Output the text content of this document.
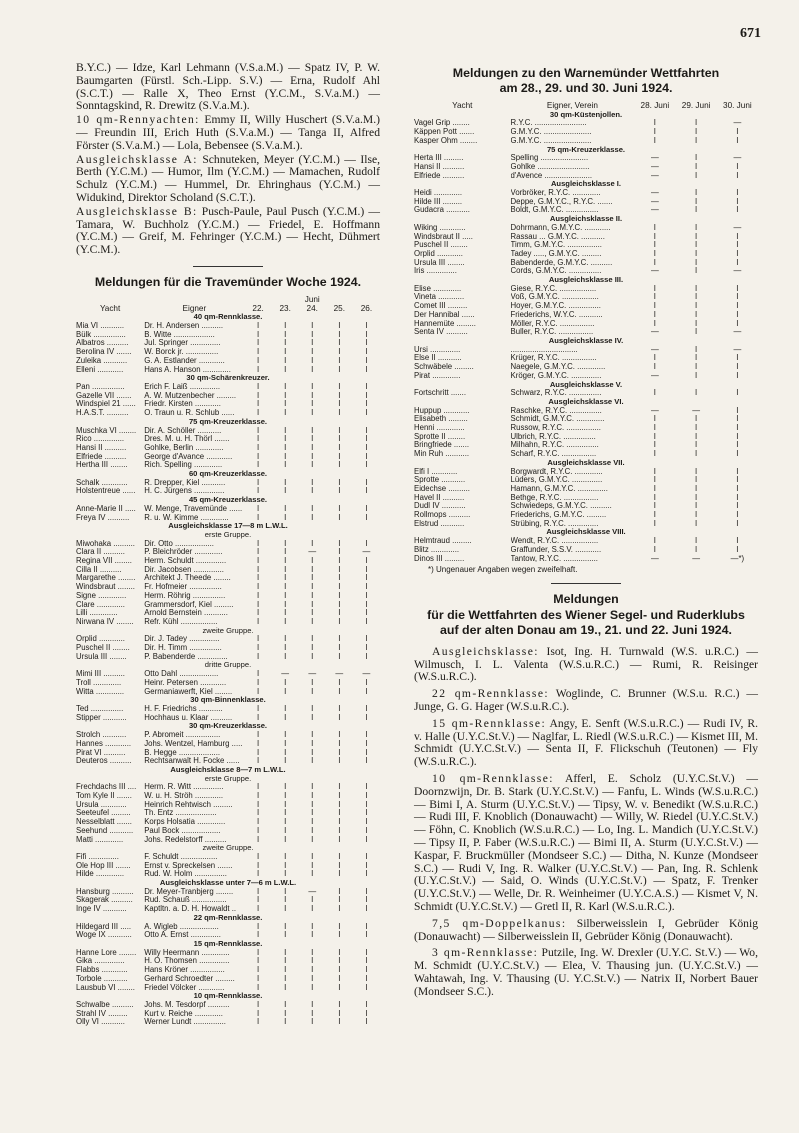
671

B.Y.C.) — Idze, Karl Lehmann (V.S.a.M.) — Spatz IV, P. W. Baumgarten (Fürstl. Sch.-Lipp. S.V.) — Erna, Rudolf Ahl (S.C.T.) — Ralle X, Theo Ernst (Y.C.M., S.V.a.M.) — Sonntagskind, R. Drewitz (S.V.a.M.).

10 qm-Rennyachten: Emmy II, Willy Huschert (S.V.a.M.) — Freundin III, Erich Huth (S.V.a.M.) — Tanga II, Alfred Förster (S.V.a.M.) — Lola, Bebensee (S.V.a.M.).

Ausgleichsklasse A: Schnuteken, Meyer (Y.C.M.) — Ilse, Berth (Y.C.M.) — Humor, Ilm (Y.C.M.) — Mamachen, Rudolf Schulz (Y.C.M.) — Hummel, Dr. Ehringhaus (Y.C.M.) — Widukind, Direktor Scholand (S.C.T.).

Ausgleichsklasse B: Pusch-Paule, Paul Pusch (Y.C.M.) — Tamara, W. Buchholz (Y.C.M.) — Friedel, E. Hoffmann (Y.C.M.) — Greif, M. Fehringer (Y.C.M.) — Hecht, Dühmert (Y.C.M.).

Meldungen für die Travemünder Woche 1924.
			Juni			
Yacht	Eigner	22.	23.	24.	25.	26.
40 qm-Rennklasse.						
Mia VI ...........	Dr. H. Andersen ..........	I	I	I	I	I
Bülk ...............	B. Witte ...................	I	I	I	I	I
Albatros ..........	Jul. Springer ..............	I	I	I	I	I
Berolina IV .......	W. Borck jr. ...............	I	I	I	I	I
Zuleika ...........	G. A. Estlander ............	I	I	I	I	I
Elleni ............	Hans A. Hanson .............	I	I	I	I	I
30 qm-Schärenkreuzer.						
Pan ...............	Erich F. Laiß ..............	I	I	I	I	I
Gazelle VII .......	A. W. Mutzenbecher .........	I	I	I	I	I
Windspiel 21 ......	Friedr. Kirsten ............	I	I	I	I	I
H.A.S.T. ..........	O. Traun u. R. Schlub ......	I	I	I	I	I
75 qm-Kreuzerklasse.						
Muschka VI ........	Dir. A. Schöller ...........	I	I	I	I	I
Rico ..............	Dres. M. u. H. Thörl .......	I	I	I	I	I
Hansi II ..........	Gohlke, Berlin .............	I	I	I	I	I
Elfriede ..........	George d'Avance ............	I	I	I	I	I
Hertha III ........	Rich. Spelling .............	I	I	I	I	I
60 qm-Kreuzerklasse.						
Schalk ............	R. Drepper, Kiel ...........	I	I	I	I	I
Holstentreue ......	H. C. Jürgens ..............	I	I	I	I	I
45 qm-Kreuzerklasse.						
Anne-Marie II .....	W. Menge, Travemünde ......	I	I	I	I	I
Freya IV ..........	R. u. W. Kimme .............	I	I	I	I	I
Ausgleichsklasse 17—8 m L.W.L.						
erste Gruppe.						
Miwohaka ..........	Dir. Otto ..................	I	I	I	I	I
Clara II ..........	P. Bleichröder .............	I	I	—	I	—
Regina VII ........	Herm. Schuldt ..............	I	I	I	I	I
Cilla II ..........	Dir. Jacobsen ..............	I	I	I	I	I
Margarethe ........	Architekt J. Theede ........	I	I	I	I	I
Windsbraut ........	Fr. Hofmeier ...............	I	I	I	I	I
Signe .............	Herm. Röhrig ...............	I	I	I	I	I
Clare .............	Grammersdorf, Kiel .........	I	I	I	I	I
Lilli .............	Arnold Bernstein ...........	I	I	I	I	I
Nirwana IV ........	Refr. Kühl .................	I	I	I	I	I
zweite Gruppe.						
Orplid ............	Dir. J. Tadey ..............	I	I	I	I	I
Puschel II ........	Dir. H. Timm ...............	I	I	I	I	I
Ursula III ........	P. Babenderde ..............	I	I	I	I	I
dritte Gruppe.						
Mimi III ..........	Otto Dahl ..................	I	—	—	—	—
Troll .............	Heinr. Petersen ............	I	I	I	I	I
Witta .............	Germaniawerft, Kiel ........	I	I	I	I	I
30 qm-Binnenklasse.						
Ted ...............	H. F. Friedrichs ...........	I	I	I	I	I
Stipper ...........	Hochhaus u. Klaar ..........	I	I	I	I	I
30 qm-Kreuzerklasse.						
Strolch ...........	P. Abromeit ................	I	I	I	I	I
Hannes ............	Johs. Wentzel, Hamburg .....	I	I	I	I	I
Pirat VI ..........	B. Hegge ...................	I	I	I	I	I
Deuteros ..........	Rechtsanwalt H. Focke ......	I	I	I	I	I
Ausgleichsklasse 8—7 m L.W.L.						
erste Gruppe.						
Frechdachs III ....	Herm. R. Witt ..............	I	I	I	I	I
Tom Kyle II .......	W. u. H. Ströh .............	I	I	I	I	I
Ursula ............	Heinrich Rehtwisch .........	I	I	I	I	I
Seeteufel .........	Th. Entz ...................	I	I	I	I	I
Nesselblatt .......	Korps Holsatia .............	I	I	I	I	I
Seehund ...........	Paul Bock ..................	I	I	I	I	I
Matti .............	Johs. Redelstorff ..........	I	I	I	I	I
zweite Gruppe.						
Fifi ..............	F. Schuldt .................	I	I	I	I	I
Ole Hop III .......	Ernst v. Spreckelsen .......	I	I	I	I	I
Hilde .............	Rud. W. Holm ...............	I	I	I	I	I
Ausgleichsklasse unter 7—6 m L.W.L.						
Hansburg ..........	Dr. Meyer-Tranbjerg ........	I	I	—	I	I
Skagerak ..........	Rud. Schauß ................	I	I	I	I	I
Inge IV ...........	Kaptltn. a. D. H. Howaldt ..	I	I	I	I	I
22 qm-Rennklasse.						
Hildegard III .....	A. Wigleb ..................	I	I	I	I	I
Woge IX ...........	Otto A. Ernst ..............	I	I	I	I	I
15 qm-Rennklasse.						
Hanne Lore ........	Willy Heermann .............	I	I	I	I	I
Gika ..............	H. O. Thomsen ..............	I	I	I	I	I
Flabbs ............	Hans Kröner ................	I	I	I	I	I
Torbole ...........	Gerhard Schroedter .........	I	I	I	I	I
Lausbub VI ........	Friedel Völcker ............	I	I	I	I	I
10 qm-Rennklasse.						
Schwalbe ..........	Johs. M. Tesdorpf ..........	I	I	I	I	I
Strahl IV .........	Kurt v. Reiche .............	I	I	I	I	I
Olly VI ...........	Werner Lundt ...............	I	I	I	I	I
Meldungen zu den Warnemünder Wettfahrten
am 28., 29. und 30. Juni 1924.
Yacht	Eigner, Verein	28. Juni	29. Juni	30. Juni
30 qm-Küstenjollen.				
Vagel Grip ........	R.Y.C. ........................	I	I	—
Käppen Pott .......	G.M.Y.C. ......................	I	I	I
Kasper Ohm ........	G.M.Y.C. ......................	I	I	I
75 qm-Kreuzerklasse.				
Herta III .........	Spelling ......................	—	I	—
Hansi II ..........	Gohlke ........................	—	I	I
Elfriede ..........	d'Avence ......................	—	I	I
Ausgleichsklasse I.				
Heidi .............	Vorbröker, R.Y.C. .............	—	I	I
Hilde III .........	Deppe, G.M.Y.C., R.Y.C. .......	—	I	I
Gudacra ...........	Boldt, G.M.Y.C. ...............	—	I	I
Ausgleichsklasse II.				
Wiking ............	Dohrmann, G.M.Y.C. ............	I	I	—
Windsbraut II .....	Rassau ... G.M.Y.C. ...........	I	I	I
Puschel II ........	Timm, G.M.Y.C. ................	I	I	I
Orplid ............	Tadey ....., G.M.Y.C. .........	I	I	I
Ursula III ........	Babenderde, G.M.Y.C. ..........	I	I	I
Iris ..............	Cords, G.M.Y.C. ...............	—	I	—
Ausgleichsklasse III.				
Elise .............	Giese, R.Y.C. .................	I	I	I
Vineta ............	Voß, G.M.Y.C. .................	I	I	I
Comet III .........	Hoyer, G.M.Y.C. ...............	I	I	I
Der Hannibal ......	Friederichs, W.Y.C. ...........	I	I	I
Hannemüte .........	Möller, R.Y.C. ................	I	I	I
Senta IV ..........	Buller, R.Y.C. ................	—	I	—
Ausgleichsklasse IV.				
Ursi ..............	...............................	—	I	—
Else II ...........	Krüger, R.Y.C. ................	I	I	I
Schwäbele .........	Naegele, G.M.Y.C. .............	I	I	I
Pirat .............	Kröger, G.M.Y.C. ..............	—	I	I
Ausgleichsklasse V.				
Fortschritt .......	Schwarz, R.Y.C. ...............	I	I	I
Ausgleichsklasse VI.				
Huppup ............	Raschke, R.Y.C. ...............	—	—	I
Elisabeth .........	Schmidt, G.M.Y.C. .............	I	I	I
Henni .............	Russow, R.Y.C. ................	I	I	I
Sprotte II ........	Ulbrich, R.Y.C. ...............	I	I	I
Bringfriede .......	Milhahn, R.Y.C. ...............	I	I	I
Min Ruh ...........	Scharf, R.Y.C. ................	I	I	I
Ausgleichsklasse VII.				
Elfi I ............	Borgwardt, R.Y.C. .............	I	I	I
Sprotte ...........	Lüders, G.M.Y.C. ..............	I	I	I
Eidechse ..........	Hamann, G.M.Y.C. ..............	I	I	I
Havel II ..........	Bethge, R.Y.C. ................	I	I	I
Dudl IV ...........	Schwiedeps, G.M.Y.C. ..........	I	I	I
Rollmops ..........	Friederichs, G.M.Y.C. .........	I	I	I
Elstrud ...........	Strübing, R.Y.C. ..............	I	I	I
Ausgleichsklasse VIII.				
Helmtraud .........	Wendt, R.Y.C. .................	I	I	I
Blitz .............	Graffunder, S.S.V. ............	I	I	I
Dinos III .........	Tantow, R.Y.C. ................	—	—	—*)
*) Ungenauer Angaben wegen zweifelhaft.
Meldungen
für die Wettfahrten des Wiener Segel- und Ruderklubs
auf der alten Donau am 19., 21. und 22. Juni 1924.

Ausgleichsklasse: Isot, Ing. H. Turnwald (W.S. u.R.C.) — Wilmusch, I. L. Valenta (W.S.u.R.C.) — Rumi, R. Reisinger (W.S.u.R.C.).

22 qm-Rennklasse: Woglinde, C. Brunner (W.S.u. R.C.) — Junge, G. G. Hager (W.S.u.R.C.).

15 qm-Rennklasse: Angy, E. Senft (W.S.u.R.C.) — Rudi IV, R. v. Halle (U.Y.C.St.V.) — Naglfar, L. Riedl (W.S.u.R.C.) — Kismet III, M. Schmidt (U.Y.C.St.V.) — Senta II, F. Flickschuh (Teutonen) — Fly (W.S.u.R.C.).

10 qm-Rennklasse: Afferl, E. Scholz (U.Y.C.St.V.) — Doornzwijn, Dr. B. Stark (U.Y.C.St.V.) — Fanfu, L. Winds (W.S.u.R.C.) — Bimi I, A. Sturm (U.Y.C.St.V.) — Tipsy, W. v. Benedikt (W.S.u.R.C.) — Rudi III, F. Knoblich (Donauwacht) — Willy, W. Riedel (U.Y.C.St.V.) — Föhn, C. Knoblich (W.S.u.R.C.) — Lo, Ing. L. Mandich (U.Y.C.St.V.) — Tipsy II, P. Faber (W.S.u.R.C.) — Bimi II, A. Sturm (U.Y.C.St.V.) — Kaspar, F. Bruckmüller (Mondseer S.C.) — Ditha, N. Kunze (Mondseer S.C.) — Rudi V, Ing. R. Walker (U.Y.C.St.V.) — Pan, Ing. R. Schlenk (U.Y.C.St.V.) — Said, O. Winds (U.Y.C.St.V.) — Spatz, F. Trenker (U.Y.C.St.V.) — Welle, Dr. R. Weinheimer (U.Y.C.A.S.) — Kismet V, N. Schmidt (U.Y.C.St.V.) — Gretl II, R. Karl (W.S.u.R.C.).

7,5 qm-Doppelkanus: Silberweisslein I, Gebrüder König (Donauwacht) — Silberweisslein II, Gebrüder König (Donauwacht).

3 qm-Rennklasse: Putzile, Ing. W. Drexler (U.Y.C. St.V.) — Wo, M. Schmidt (U.Y.C.St.V.) — Elea, V. Thausing jun. (U.Y.C.St.V.) — Wahtawah, Ing. V. Thausing (U. Y.C.St.V.) — Natrix II, Norbert Bauer (Mondseer S.C.).
